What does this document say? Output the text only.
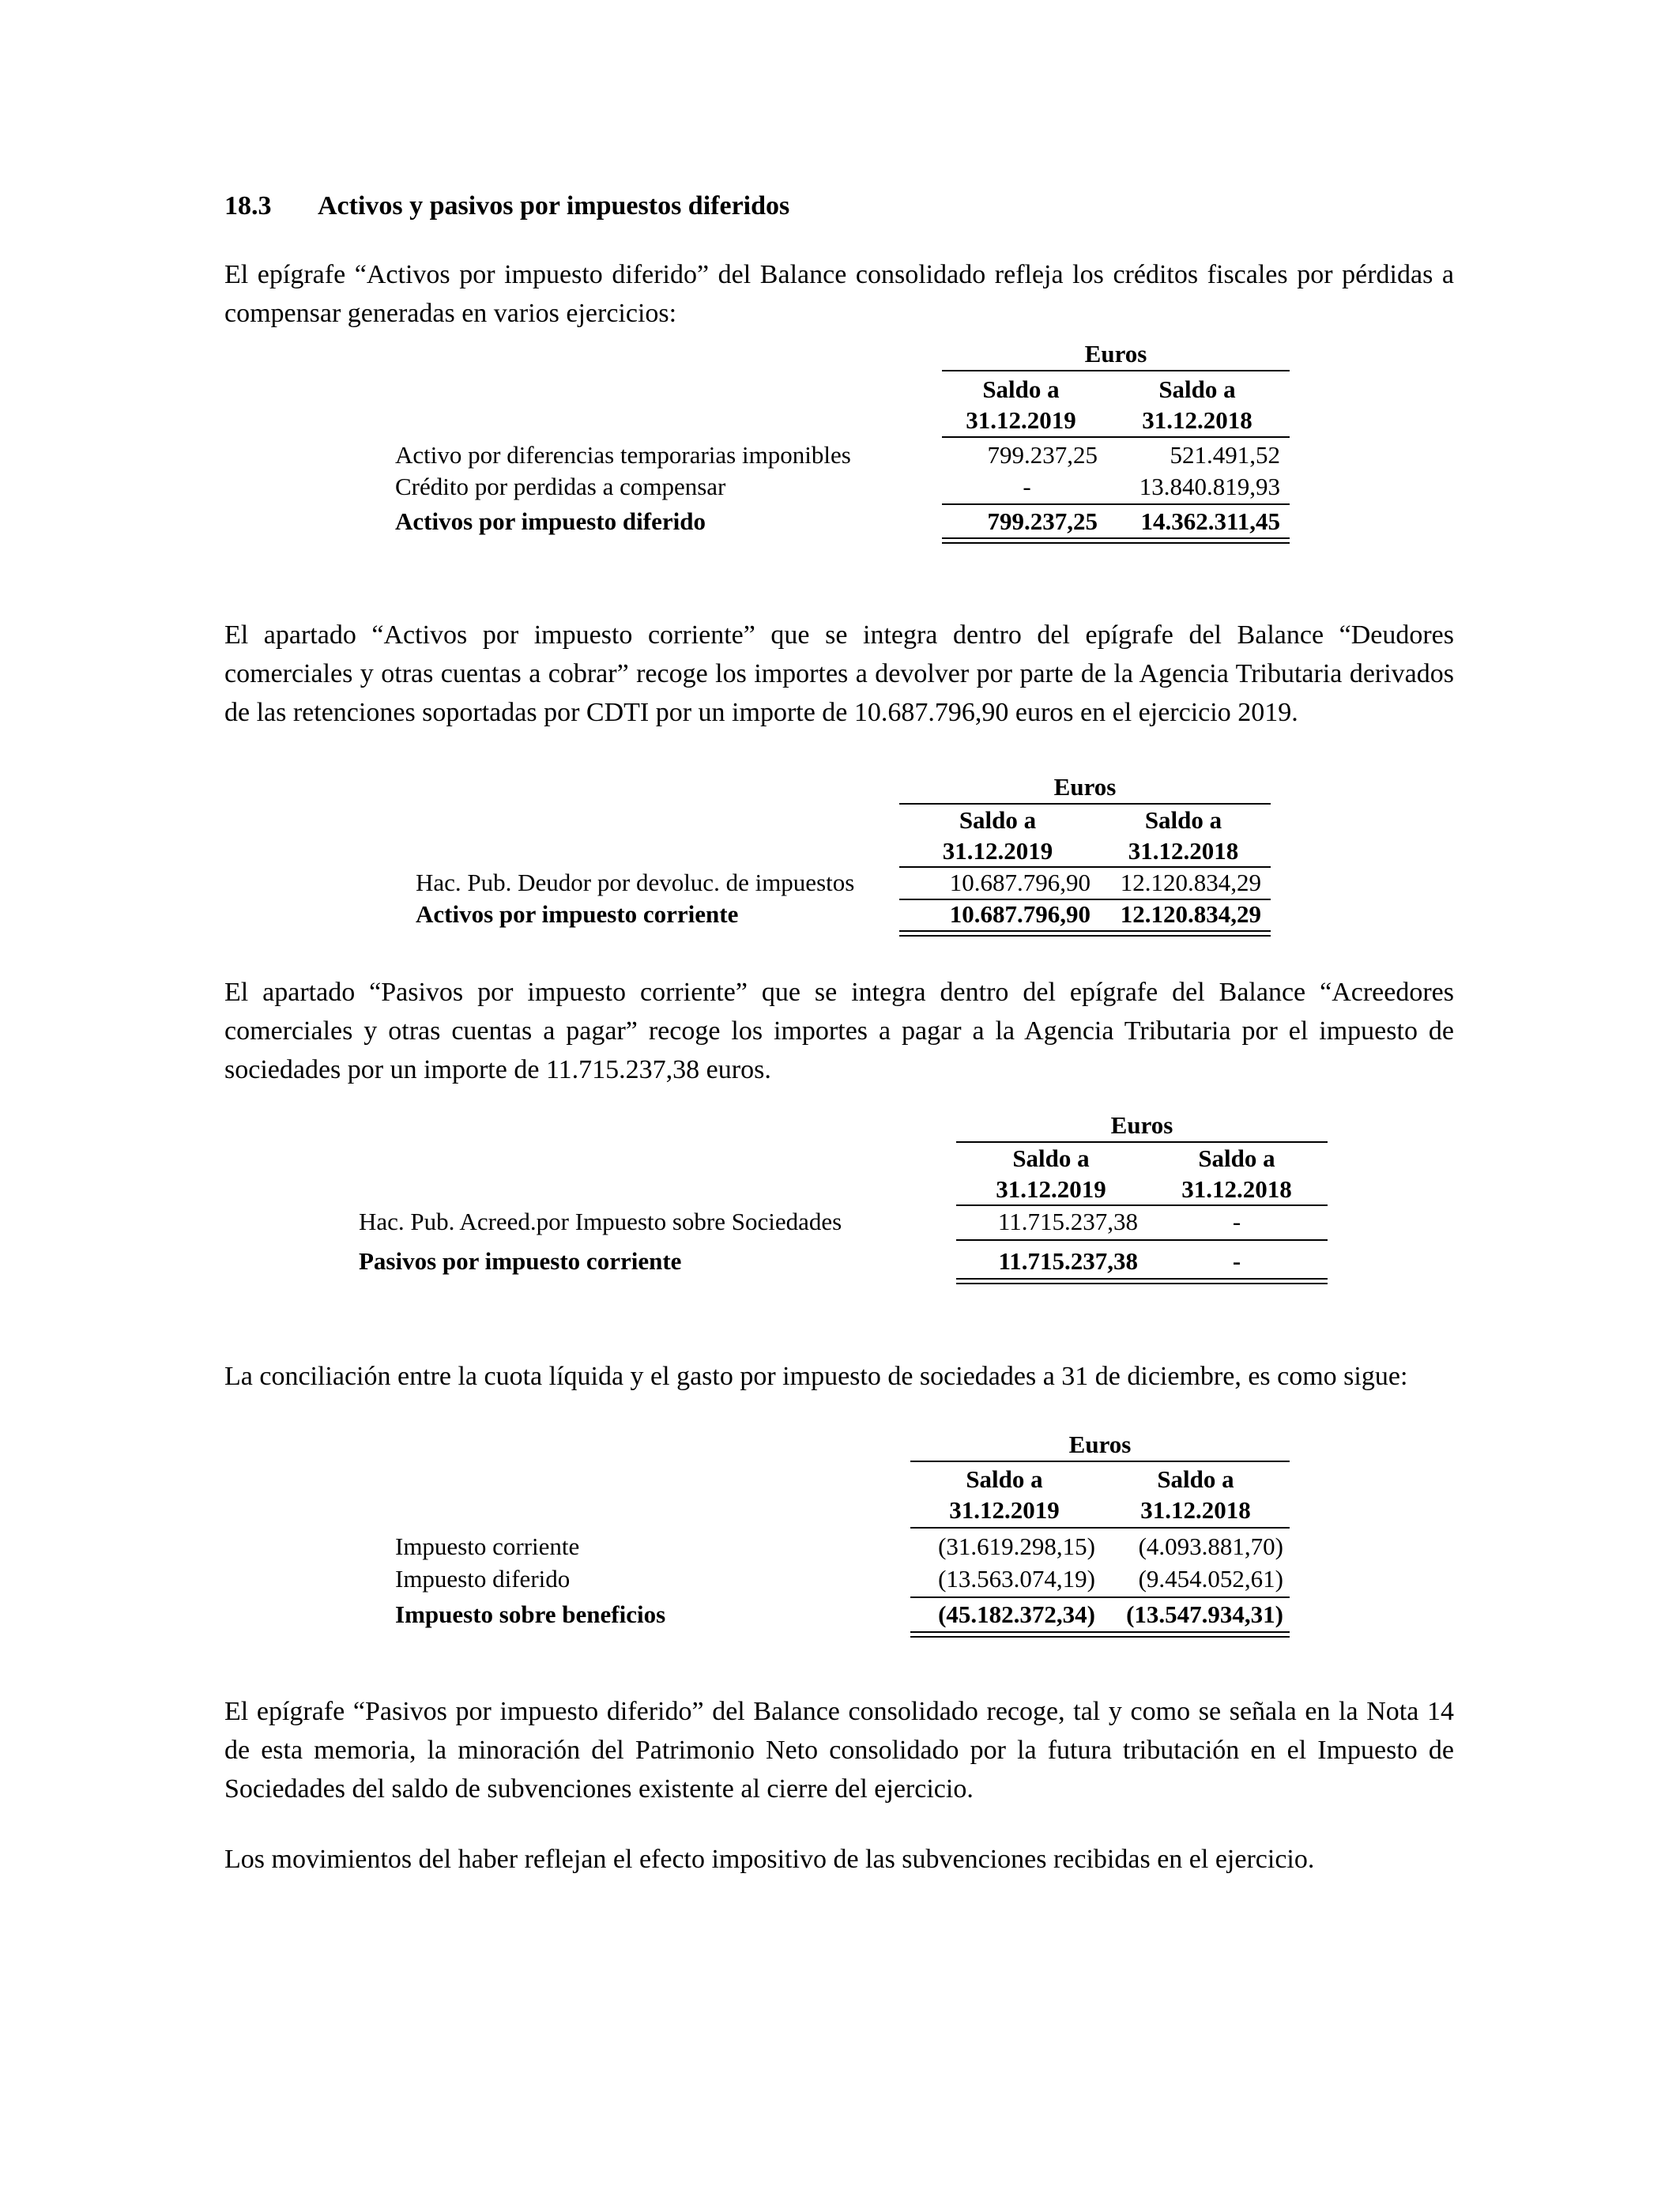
18.3 Activos y pasivos por impuestos diferidos
El epígrafe “Activos por impuesto diferido” del Balance consolidado refleja los créditos fiscales por pérdidas a compensar generadas en varios ejercicios:
Euros
Saldo a
31.12.2019
Saldo a
31.12.2018
Activo por diferencias temporarias imponibles	799.237,25	521.491,52
Crédito por perdidas a compensar	-	13.840.819,93
Activos por impuesto diferido	799.237,25	14.362.311,45
El apartado “Activos por impuesto corriente” que se integra dentro del epígrafe del Balance “Deudores comerciales y otras cuentas a cobrar” recoge los importes a devolver por parte de la Agencia Tributaria derivados de las retenciones soportadas por CDTI por un importe de 10.687.796,90 euros en el ejercicio 2019.
Euros
Saldo a
31.12.2019
Saldo a
31.12.2018
Hac. Pub. Deudor por devoluc. de impuestos	10.687.796,90	12.120.834,29
Activos por impuesto corriente	10.687.796,90	12.120.834,29
El apartado “Pasivos por impuesto corriente” que se integra dentro del epígrafe del Balance “Acreedores comerciales y otras cuentas a pagar” recoge los importes a pagar a la Agencia Tributaria por el impuesto de sociedades por un importe de 11.715.237,38 euros.
Euros
Saldo a
31.12.2019
Saldo a
31.12.2018
Hac. Pub. Acreed.por Impuesto sobre Sociedades	11.715.237,38	-
Pasivos por impuesto corriente	11.715.237,38	-
La conciliación entre la cuota líquida y el gasto por impuesto de sociedades a 31 de diciembre, es como sigue:
Euros
Saldo a
31.12.2019
Saldo a
31.12.2018
Impuesto corriente	(31.619.298,15)	(4.093.881,70)
Impuesto diferido	(13.563.074,19)	(9.454.052,61)
Impuesto sobre beneficios	(45.182.372,34)	(13.547.934,31)
El epígrafe “Pasivos por impuesto diferido” del Balance consolidado recoge, tal y como se señala en la Nota 14 de esta memoria, la minoración del Patrimonio Neto consolidado por la futura tributación en el Impuesto de Sociedades del saldo de subvenciones existente al cierre del ejercicio.
Los movimientos del haber reflejan el efecto impositivo de las subvenciones recibidas en el ejercicio.
